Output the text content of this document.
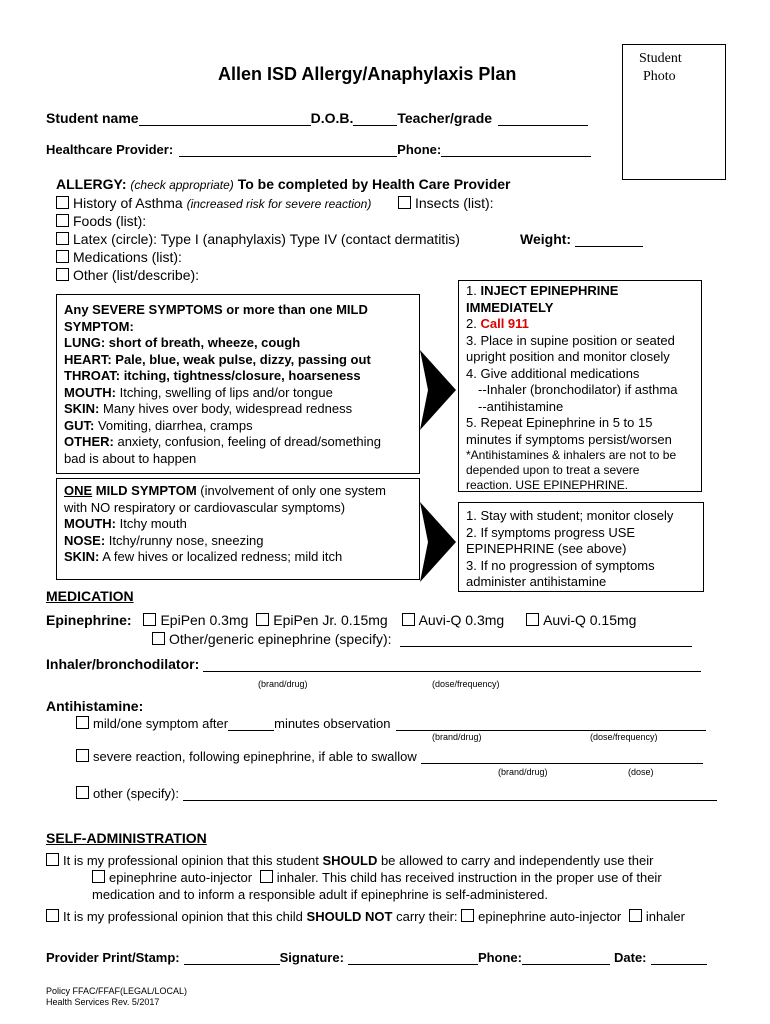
Student
Photo
Allen ISD Allergy/Anaphylaxis Plan
Student name	D.O.B.	Teacher/grade
Healthcare Provider:	Phone:
ALLERGY: (check appropriate) To be completed by Health Care Provider
History of Asthma (increased risk for severe reaction)	Insects (list):
Foods (list):
Latex (circle): Type I (anaphylaxis) Type IV (contact dermatitis)	Weight:
Medications (list):
Other (list/describe):
Any SEVERE SYMPTOMS or more than one MILD
SYMPTOM:
LUNG: short of breath, wheeze, cough
HEART: Pale, blue, weak pulse, dizzy, passing out
THROAT: itching, tightness/closure, hoarseness
MOUTH: Itching, swelling of lips and/or tongue
SKIN: Many hives over body, widespread redness
GUT: Vomiting, diarrhea, cramps
OTHER: anxiety, confusion, feeling of dread/something
bad is about to happen
1. INJECT EPINEPHRINE
IMMEDIATELY
2. Call 911
3. Place in supine position or seated
upright position and monitor closely
4. Give additional medications
--Inhaler (bronchodilator) if asthma
--antihistamine
5. Repeat Epinephrine in 5 to 15
minutes if symptoms persist/worsen
*Antihistamines & inhalers are not to be
depended upon to treat a severe
reaction. USE EPINEPHRINE.
ONE MILD SYMPTOM (involvement of only one system
with NO respiratory or cardiovascular symptoms)
MOUTH: Itchy mouth
NOSE: Itchy/runny nose, sneezing
SKIN: A few hives or localized redness; mild itch
1. Stay with student; monitor closely
2. If symptoms progress USE
EPINEPHRINE (see above)
3. If no progression of symptoms
administer antihistamine
MEDICATION
Epinephrine: EpiPen 0.3mg EpiPen Jr. 0.15mg Auvi-Q 0.3mg	Auvi-Q 0.15mg
Other/generic epinephrine (specify):
Inhaler/bronchodilator:
(brand/drug)	(dose/frequency)
Antihistamine:
mild/one symptom after	minutes observation
(brand/drug)	(dose/frequency)
severe reaction, following epinephrine, if able to swallow
(brand/drug)	(dose)
other (specify):
SELF-ADMINISTRATION
It is my professional opinion that this student SHOULD be allowed to carry and independently use their
epinephrine auto-injector inhaler. This child has received instruction in the proper use of their
medication and to inform a responsible adult if epinephrine is self-administered.
It is my professional opinion that this child SHOULD NOT carry their: epinephrine auto-injector inhaler
Provider Print/Stamp:	Signature:	Phone:	Date:
Policy FFAC/FFAF(LEGAL/LOCAL)
Health Services Rev. 5/2017
